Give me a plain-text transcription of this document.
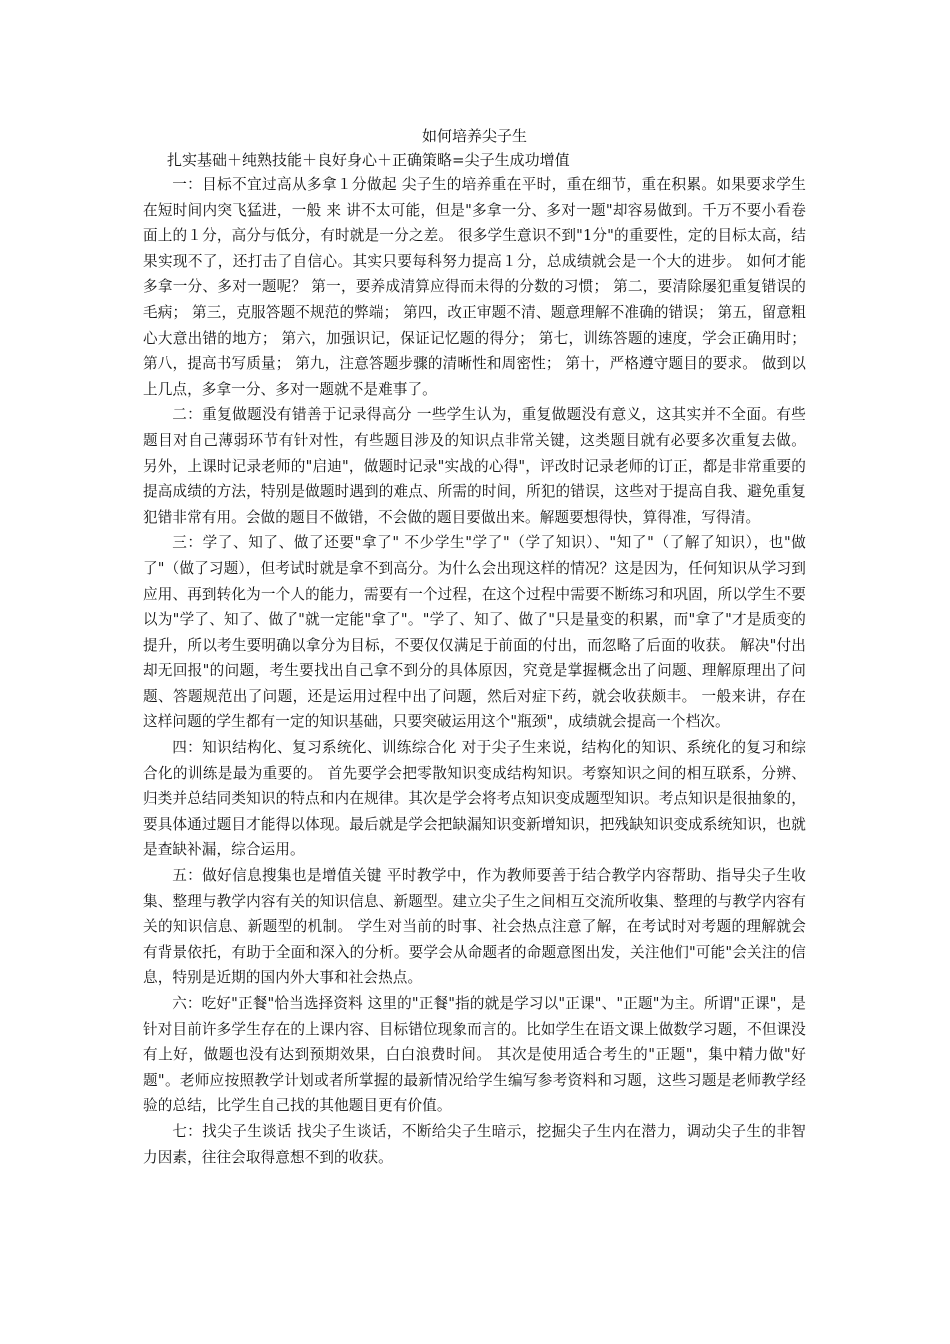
如何培养尖子生

扎实基础＋纯熟技能＋良好身心＋正确策略=尖子生成功增值

一：目标不宜过高从多拿１分做起 尖子生的培养重在平时，重在细节，重在积累。如果要求学生在短时间内突飞猛进，一般 来 讲不太可能，但是"多拿一分、多对一题"却容易做到。千万不要小看卷面上的１分，高分与低分，有时就是一分之差。 很多学生意识不到"1分"的重要性，定的目标太高，结果实现不了，还打击了自信心。其实只要每科努力提高１分，总成绩就会是一个大的进步。 如何才能多拿一分、多对一题呢？ 第一，要养成清算应得而未得的分数的习惯； 第二，要清除屡犯重复错误的毛病； 第三，克服答题不规范的弊端； 第四，改正审题不清、题意理解不准确的错误； 第五，留意粗心大意出错的地方； 第六，加强识记，保证记忆题的得分； 第七，训练答题的速度，学会正确用时； 第八，提高书写质量； 第九，注意答题步骤的清晰性和周密性； 第十，严格遵守题目的要求。 做到以上几点，多拿一分、多对一题就不是难事了。

二：重复做题没有错善于记录得高分 一些学生认为，重复做题没有意义，这其实并不全面。有些题目对自己薄弱环节有针对性，有些题目涉及的知识点非常关键，这类题目就有必要多次重复去做。 另外，上课时记录老师的"启迪"，做题时记录"实战的心得"，评改时记录老师的订正，都是非常重要的提高成绩的方法，特别是做题时遇到的难点、所需的时间，所犯的错误，这些对于提高自我、避免重复犯错非常有用。会做的题目不做错，不会做的题目要做出来。解题要想得快，算得准，写得清。

三：学了、知了、做了还要"拿了" 不少学生"学了"（学了知识）、"知了"（了解了知识），也"做了"（做了习题），但考试时就是拿不到高分。为什么会出现这样的情况？这是因为，任何知识从学习到应用、再到转化为一个人的能力，需要有一个过程，在这个过程中需要不断练习和巩固，所以学生不要以为"学了、知了、做了"就一定能"拿了"。"学了、知了、做了"只是量变的积累，而"拿了"才是质变的提升，所以考生要明确以拿分为目标，不要仅仅满足于前面的付出，而忽略了后面的收获。 解决"付出却无回报"的问题，考生要找出自己拿不到分的具体原因，究竟是掌握概念出了问题、理解原理出了问题、答题规范出了问题，还是运用过程中出了问题，然后对症下药，就会收获颇丰。 一般来讲，存在这样问题的学生都有一定的知识基础，只要突破运用这个"瓶颈"，成绩就会提高一个档次。

四：知识结构化、复习系统化、训练综合化 对于尖子生来说，结构化的知识、系统化的复习和综合化的训练是最为重要的。 首先要学会把零散知识变成结构知识。考察知识之间的相互联系，分辨、归类并总结同类知识的特点和内在规律。其次是学会将考点知识变成题型知识。考点知识是很抽象的，要具体通过题目才能得以体现。最后就是学会把缺漏知识变新增知识，把残缺知识变成系统知识，也就是查缺补漏，综合运用。

五：做好信息搜集也是增值关键 平时教学中，作为教师要善于结合教学内容帮助、指导尖子生收集、整理与教学内容有关的知识信息、新题型。建立尖子生之间相互交流所收集、整理的与教学内容有关的知识信息、新题型的机制。 学生对当前的时事、社会热点注意了解，在考试时对考题的理解就会有背景依托，有助于全面和深入的分析。要学会从命题者的命题意图出发，关注他们"可能"会关注的信息，特别是近期的国内外大事和社会热点。

六：吃好"正餐"恰当选择资料 这里的"正餐"指的就是学习以"正课"、"正题"为主。所谓"正课"，是针对目前许多学生存在的上课内容、目标错位现象而言的。比如学生在语文课上做数学习题，不但课没有上好，做题也没有达到预期效果，白白浪费时间。 其次是使用适合考生的"正题"，集中精力做"好题"。老师应按照教学计划或者所掌握的最新情况给学生编写参考资料和习题，这些习题是老师教学经验的总结，比学生自己找的其他题目更有价值。

七：找尖子生谈话 找尖子生谈话，不断给尖子生暗示，挖掘尖子生内在潜力，调动尖子生的非智力因素，往往会取得意想不到的收获。
